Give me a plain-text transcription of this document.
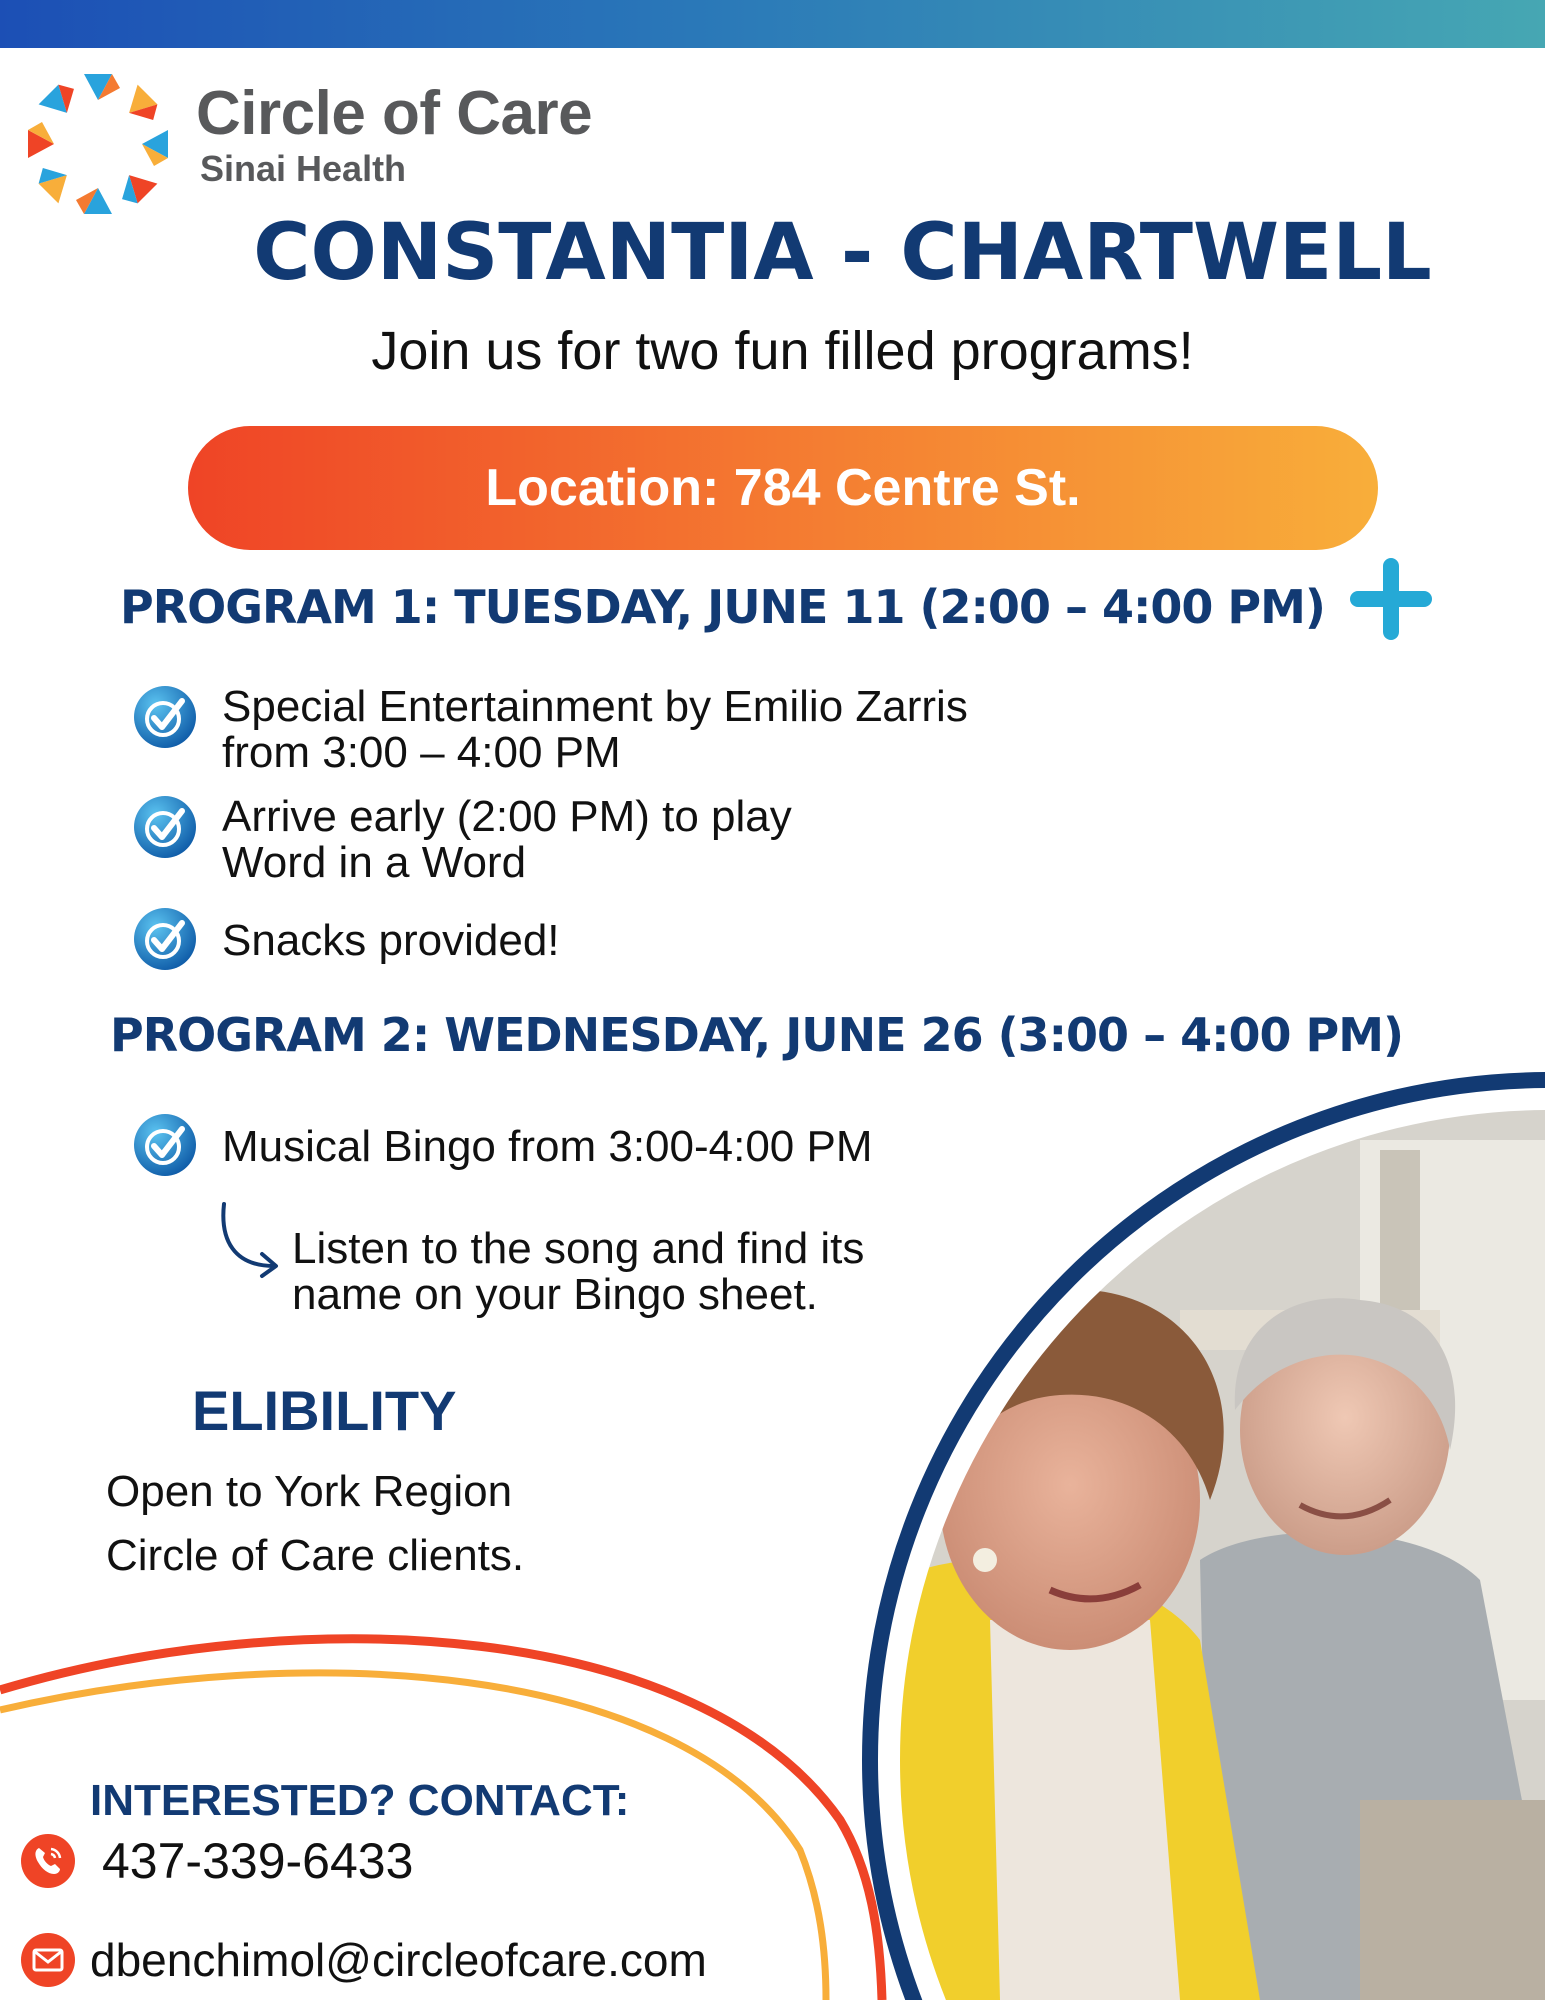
Circle of Care
Sinai Health
CONSTANTIA - CHARTWELL
Join us for two fun filled programs!
Location: 784 Centre St.
PROGRAM 1: TUESDAY, JUNE 11 (2:00 – 4:00 PM)
Special Entertainment by Emilio Zarris
from 3:00 – 4:00 PM
Arrive early (2:00 PM) to play
Word in a Word
Snacks provided!
PROGRAM 2: WEDNESDAY, JUNE 26 (3:00 – 4:00 PM)
Musical Bingo from 3:00-4:00 PM
Listen to the song and find its
name on your Bingo sheet.
ELIBILITY
Open to York Region
Circle of Care clients.
INTERESTED? CONTACT:
437-339-6433
dbenchimol@circleofcare.com
